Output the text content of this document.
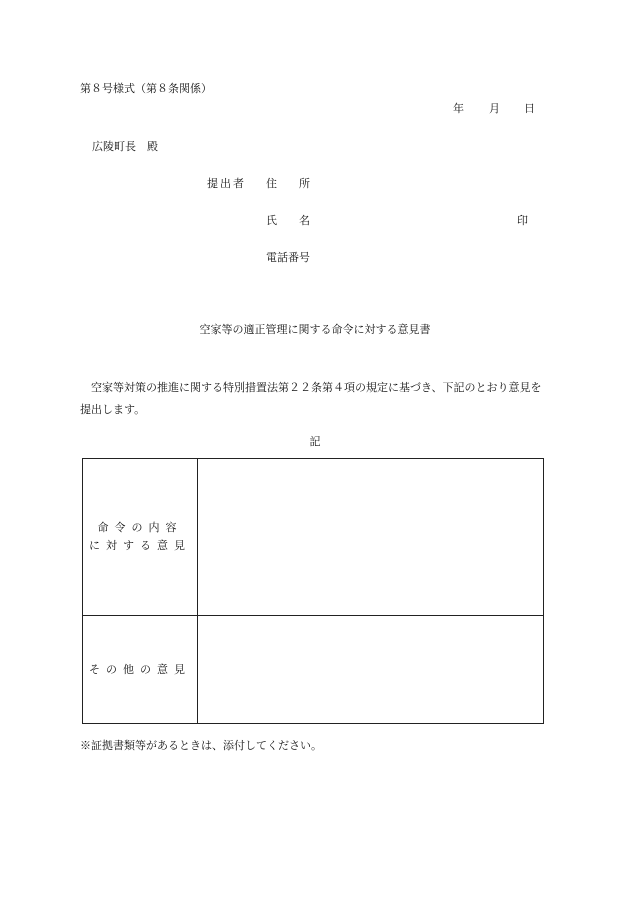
第８号様式（第８条関係）
年 月 日
広陵町長　殿
提出者 住　　所
氏　　名	印
電話番号
空家等の適正管理に関する命令に対する意見書
空家等対策の推進に関する特別措置法第２２条第４項の規定に基づき、下記のとおり意見を提出します。
記
命令の内容
に対する意見
その他の意見
※証拠書類等があるときは、添付してください。
